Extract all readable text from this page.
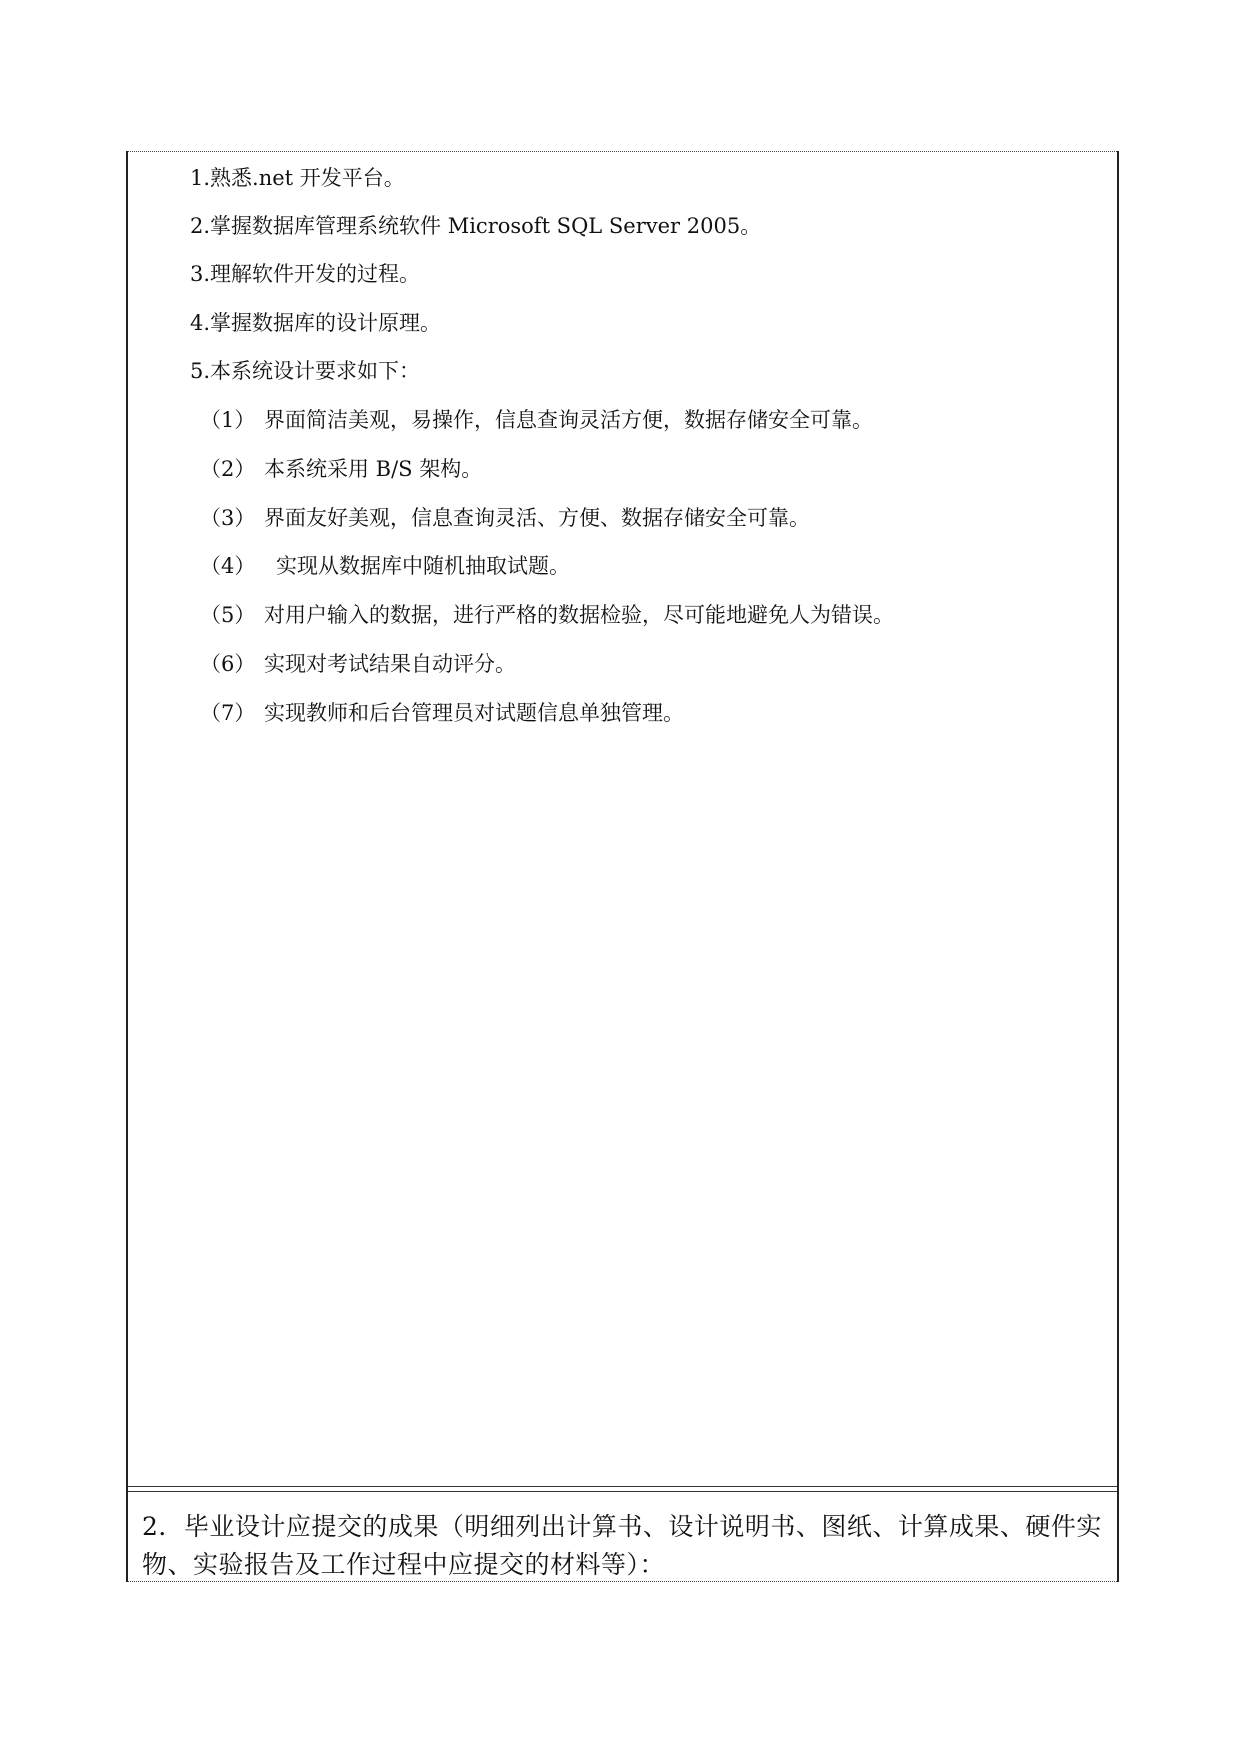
1.熟悉.net 开发平台。
2.掌握数据库管理系统软件 Microsoft SQL Server 2005。
3.理解软件开发的过程。
4.掌握数据库的设计原理。
5.本系统设计要求如下：
（1） 界面简洁美观，易操作，信息查询灵活方便，数据存储安全可靠。
（2） 本系统采用 B/S 架构。
（3） 界面友好美观，信息查询灵活、方便、数据存储安全可靠。
（4） 实现从数据库中随机抽取试题。
（5） 对用户输入的数据，进行严格的数据检验，尽可能地避免人为错误。
（6） 实现对考试结果自动评分。
（7） 实现教师和后台管理员对试题信息单独管理。
2．毕业设计应提交的成果（明细列出计算书、设计说明书、图纸、计算成果、硬件实物、实验报告及工作过程中应提交的材料等）：
